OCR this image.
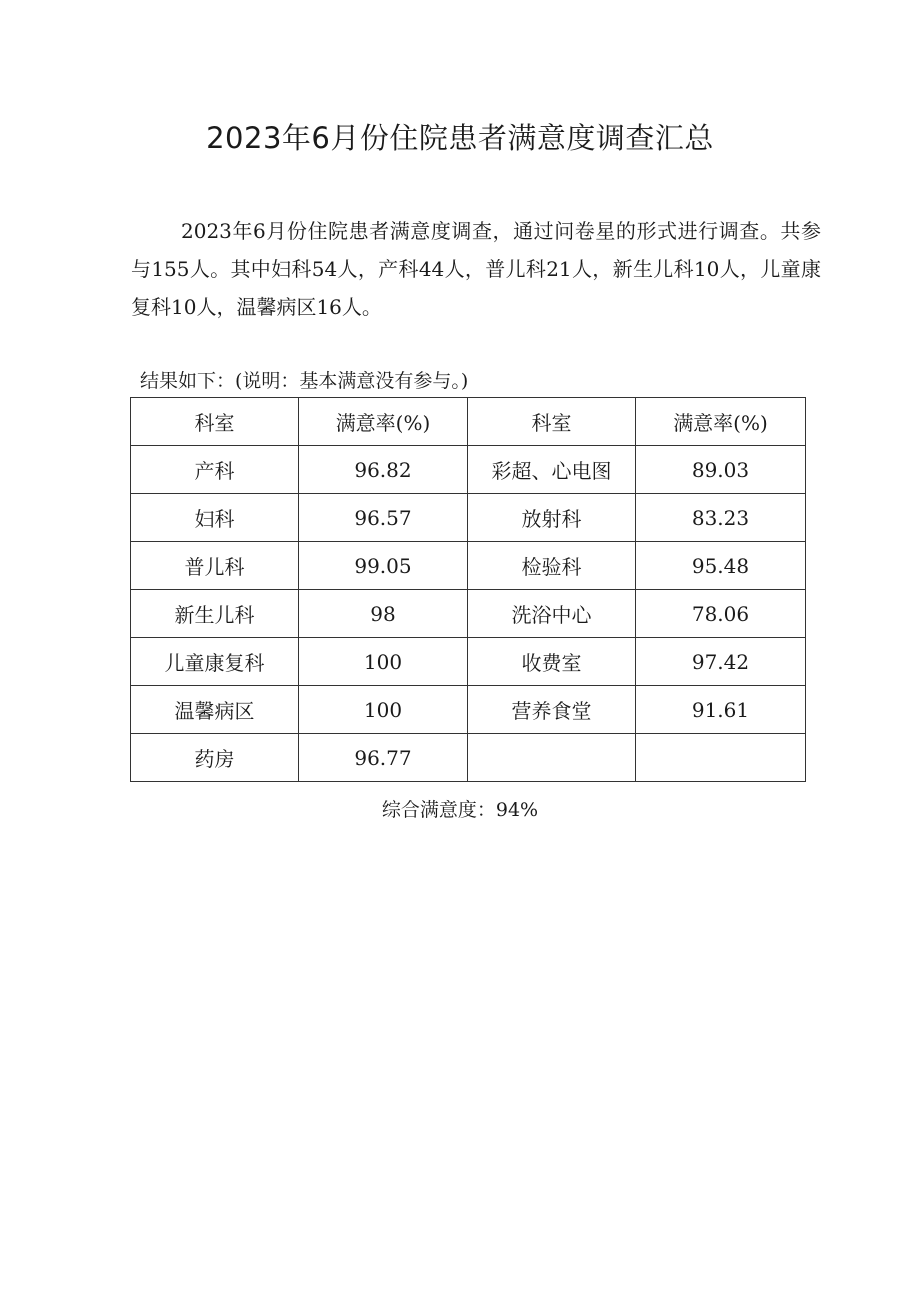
2023年6月份住院患者满意度调查汇总

2023年6月份住院患者满意度调查，通过问卷星的形式进行调查。共参与155人。其中妇科54人，产科44人，普儿科21人，新生儿科10人，儿童康复科10人，温馨病区16人。

结果如下：(说明：基本满意没有参与。)

科室	满意率(%)	科室	满意率(%)
产科	96.82	彩超、心电图	89.03
妇科	96.57	放射科	83.23
普儿科	99.05	检验科	95.48
新生儿科	98	洗浴中心	78.06
儿童康复科	100	收费室	97.42
温馨病区	100	营养食堂	91.61
药房	96.77		

综合满意度：94%
